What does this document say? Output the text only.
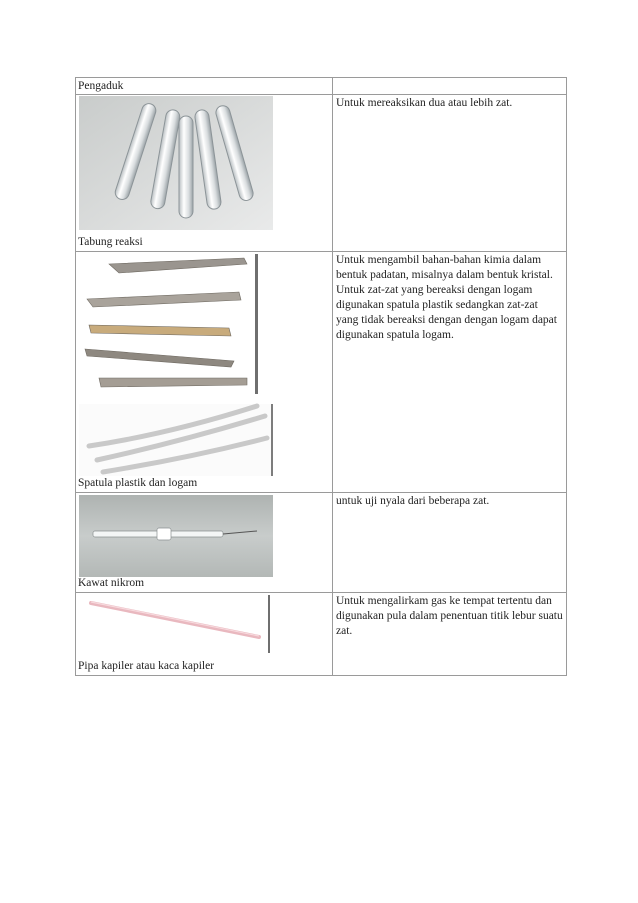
Pengaduk	

Tabung reaksi	Untuk mereaksikan dua atau lebih zat.

Spatula plastik dan logam	Untuk mengambil bahan-bahan kimia dalam bentuk padatan, misalnya dalam bentuk kristal. Untuk zat-zat yang bereaksi dengan logam digunakan spatula plastik sedangkan zat-zat yang tidak bereaksi dengan dengan logam dapat digunakan spatula logam.

Kawat nikrom	untuk uji nyala dari beberapa zat.

Pipa kapiler atau kaca kapiler	Untuk mengalirkam gas ke tempat tertentu dan digunakan pula dalam penentuan titik lebur suatu zat.
